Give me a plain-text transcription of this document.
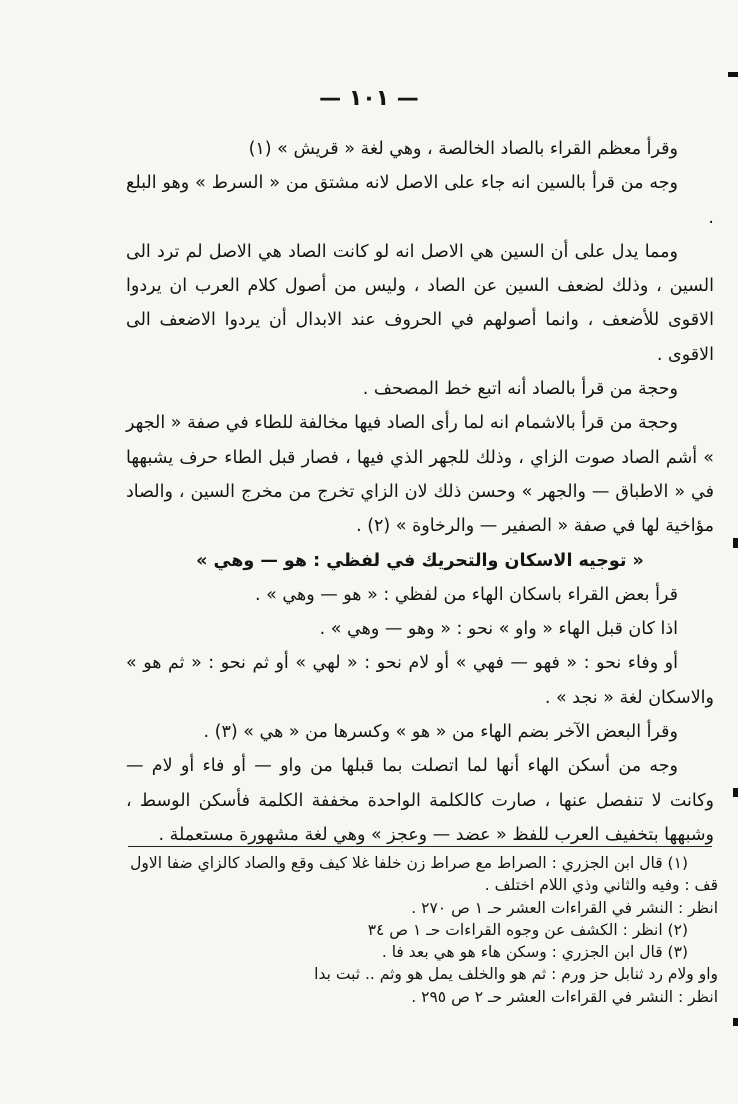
— ١٠١ —

وقرأ معظم القراء بالصاد الخالصة ، وهي لغة « قريش » (١)

وجه من قرأ بالسين انه جاء على الاصل لانه مشتق من « السرط » وهو البلع .

ومما يدل على أن السين هي الاصل انه لو كانت الصاد هي الاصل لم ترد الى السين ، وذلك لضعف السين عن الصاد ، وليس من أصول كلام العرب ان يردوا الاقوى للأضعف ، وانما أصولهم في الحروف عند الابدال أن يردوا الاضعف الى الاقوى .

وحجة من قرأ بالصاد أنه اتبع خط المصحف .

وحجة من قرأ بالاشمام انه لما رأى الصاد فيها مخالفة للطاء في صفة « الجهر » أشم الصاد صوت الزاي ، وذلك للجهر الذي فيها ، فصار قبل الطاء حرف يشبهها في « الاطباق — والجهر » وحسن ذلك لان الزاي تخرج من مخرج السين ، والصاد مؤاخية لها في صفة « الصفير — والرخاوة » (٢) .

« توجيه الاسكان والتحريك في لفظي : هو — وهي »

قرأ بعض القراء باسكان الهاء من لفظي : « هو — وهي » .

اذا كان قبل الهاء « واو » نحو : « وهو — وهي » .

أو وفاء نحو : « فهو — فهي » أو لام نحو : « لهي » أو ثم نحو : « ثم هو » والاسكان لغة « نجد » .

وقرأ البعض الآخر بضم الهاء من « هو » وكسرها من « هي » (٣) .

وجه من أسكن الهاء أنها لما اتصلت بما قبلها من واو — أو فاء أو لام — وكانت لا تنفصل عنها ، صارت كالكلمة الواحدة مخففة الكلمة فأسكن الوسط ، وشبهها بتخفيف العرب للفظ « عضد — وعجز » وهي لغة مشهورة مستعملة .

(١) قال ابن الجزري : الصراط مع صراط زن خلفا غلا كيف وقع والصاد كالزاي ضفا الاول قف : وفيه والثاني وذي اللام اختلف .

انظر : النشر في القراءات العشر حـ ١ ص ٢٧٠ .

(٢) انظر : الكشف عن وجوه القراءات حـ ١ ص ٣٤

(٣) قال ابن الجزري : وسكن هاء هو هي بعد فا .

واو ولام رد ثنابل حز ورم : ثم هو والخلف يمل هو وثم .. ثبت بدا

انظر : النشر في القراءات العشر حـ ٢ ص ٢٩٥ .
